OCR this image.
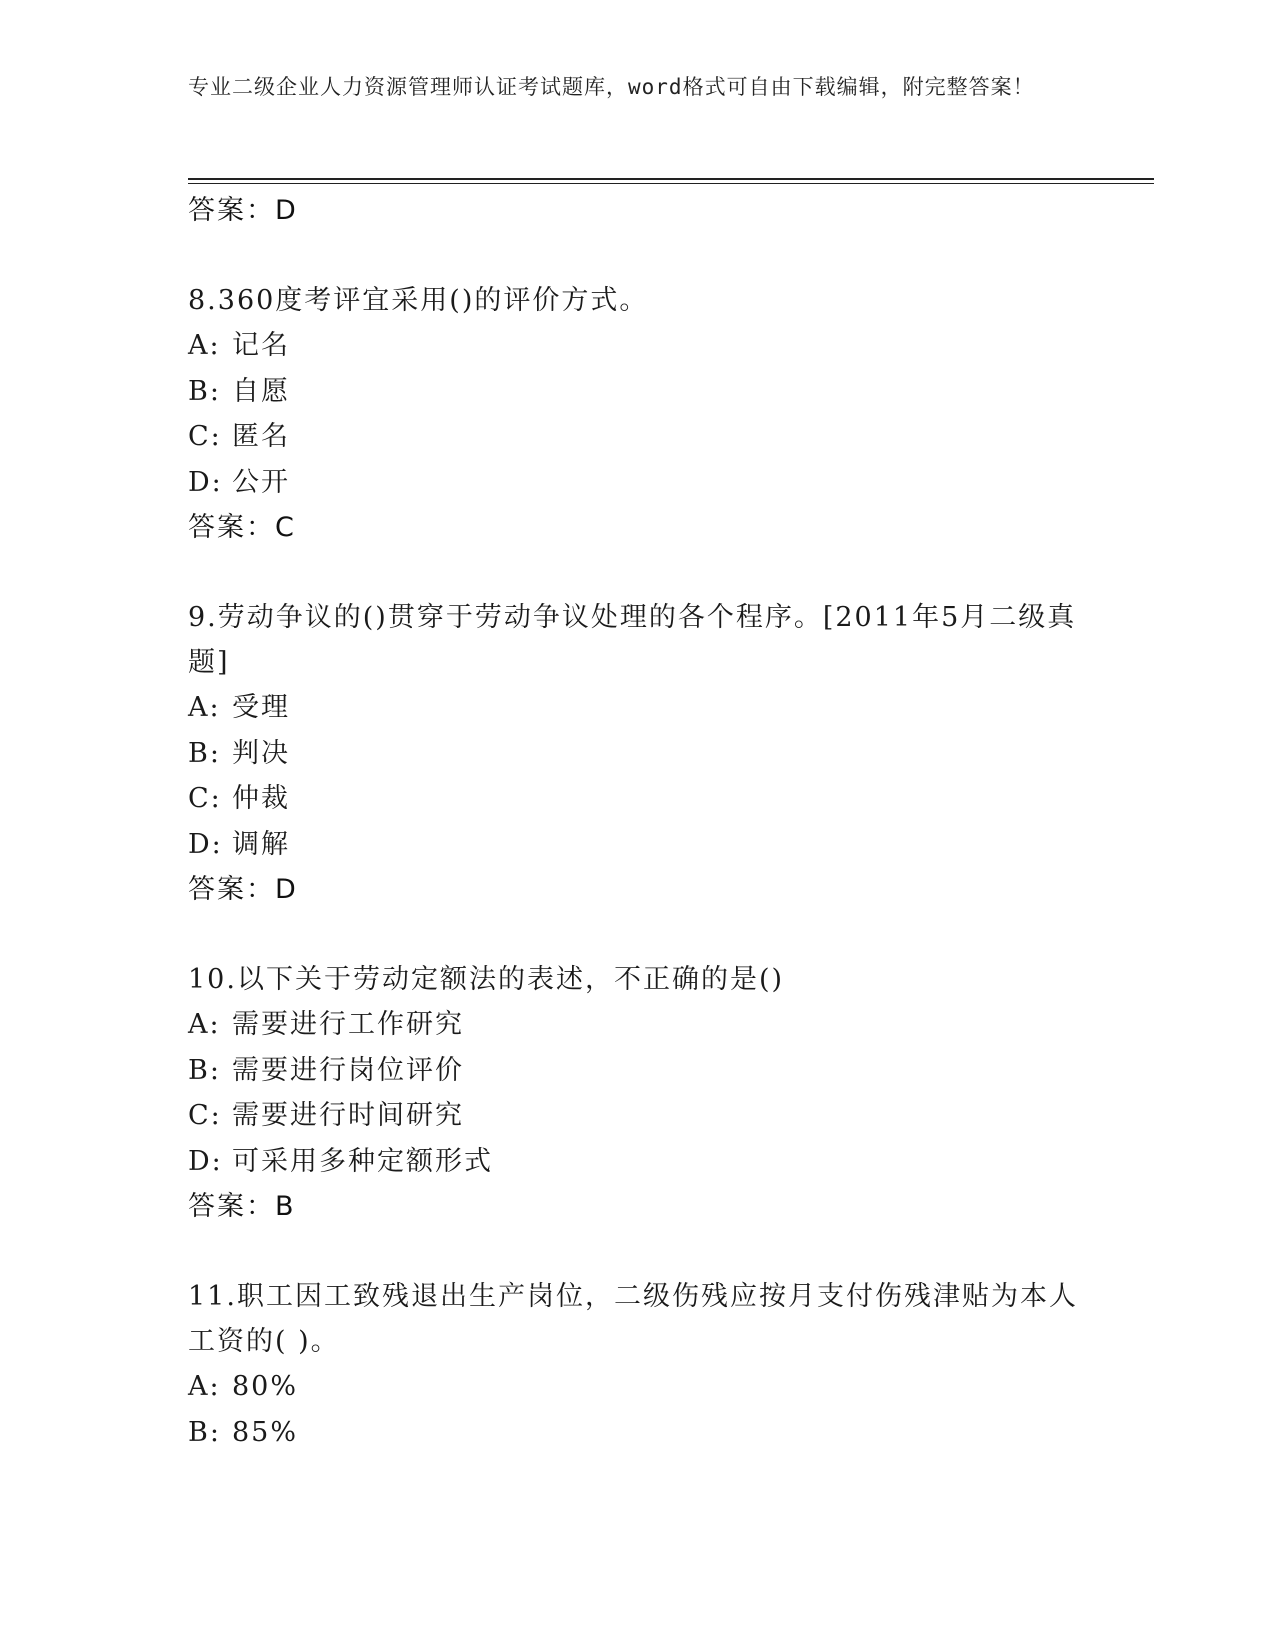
专业二级企业人力资源管理师认证考试题库，word格式可自由下载编辑，附完整答案！
答案：D
8.360度考评宜采用()的评价方式。
A: 记名
B: 自愿
C: 匿名
D: 公开
答案：C
9.劳动争议的()贯穿于劳动争议处理的各个程序。[2011年5月二级真题]
A: 受理
B: 判决
C: 仲裁
D: 调解
答案：D
10.以下关于劳动定额法的表述，不正确的是()
A: 需要进行工作研究
B: 需要进行岗位评价
C: 需要进行时间研究
D: 可采用多种定额形式
答案：B
11.职工因工致残退出生产岗位，二级伤残应按月支付伤残津贴为本人工资的( )。
A: 80%
B: 85%
